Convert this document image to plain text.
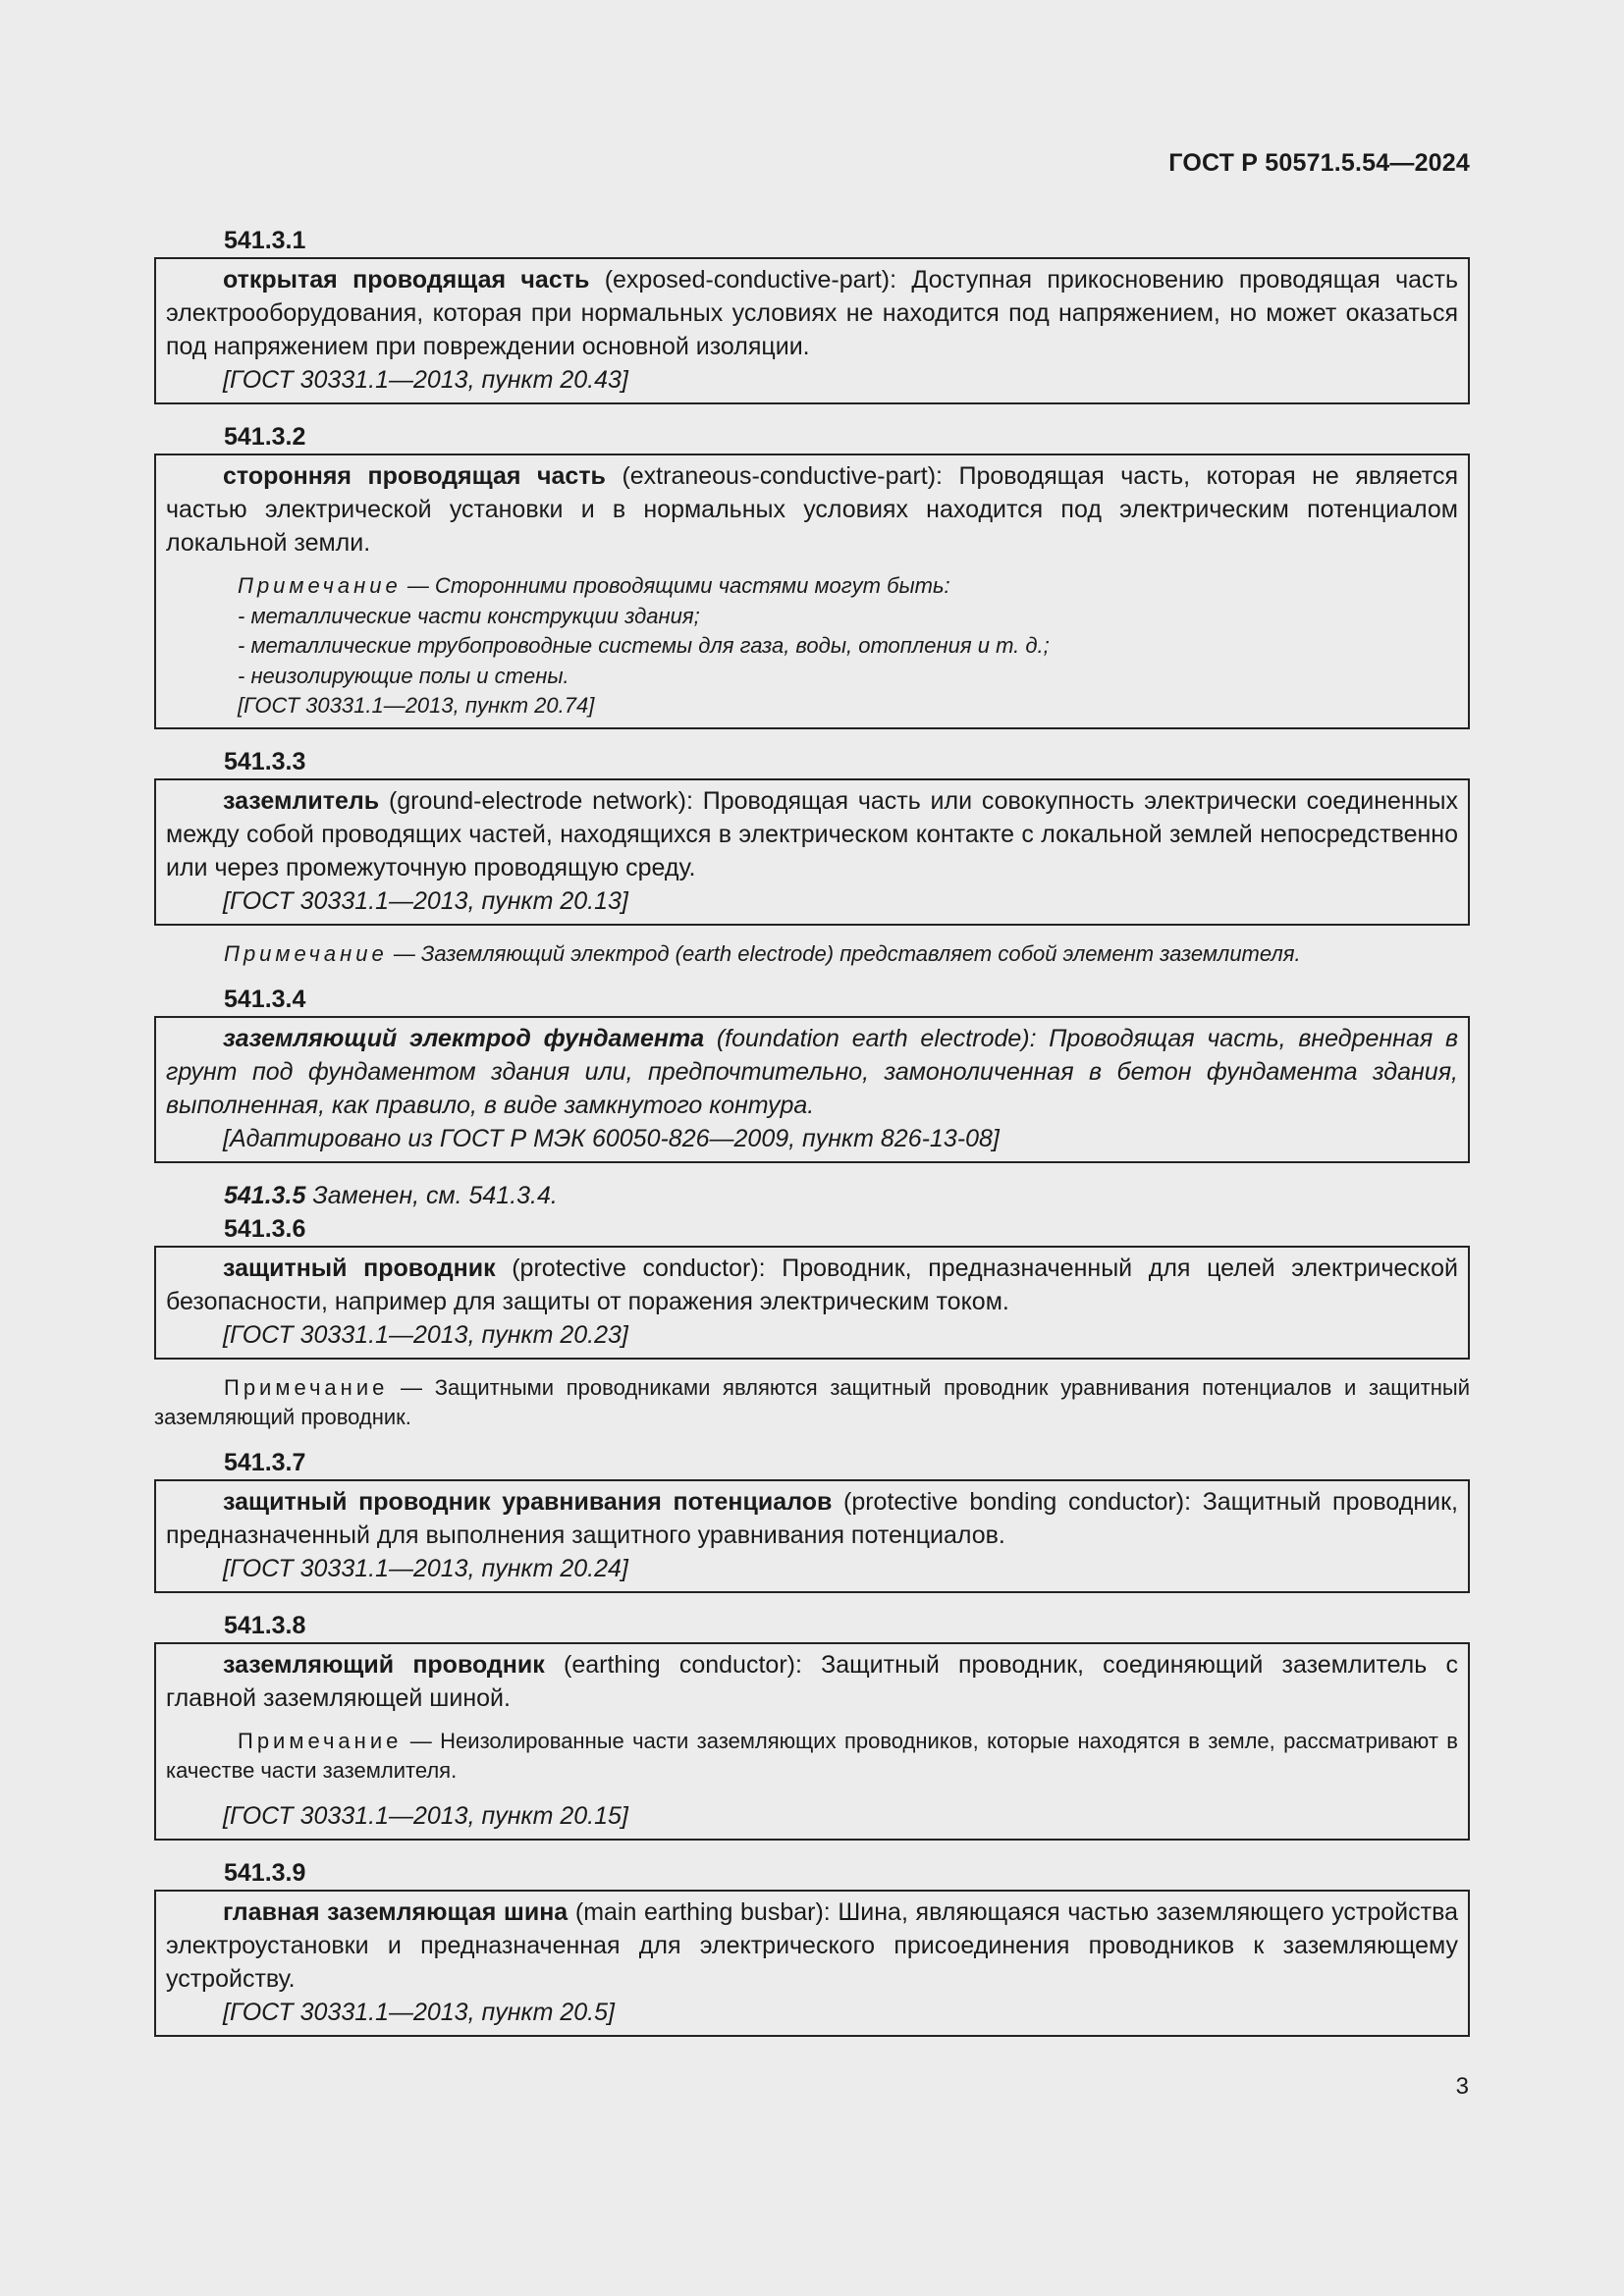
ГОСТ Р 50571.5.54—2024
541.3.1
открытая проводящая часть (exposed-conductive-part): Доступная прикосновению проводящая часть электрооборудования, которая при нормальных условиях не находится под напряжением, но может оказаться под напряжением при повреждении основной изоляции.
[ГОСТ 30331.1—2013, пункт 20.43]
541.3.2
сторонняя проводящая часть (extraneous-conductive-part): Проводящая часть, которая не является частью электрической установки и в нормальных условиях находится под электрическим потенциалом локальной земли.
Примечание — Сторонними проводящими частями могут быть:
- металлические части конструкции здания;
- металлические трубопроводные системы для газа, воды, отопления и т. д.;
- неизолирующие полы и стены.
[ГОСТ 30331.1—2013, пункт 20.74]
541.3.3
заземлитель (ground-electrode network): Проводящая часть или совокупность электрически соединенных между собой проводящих частей, находящихся в электрическом контакте с локальной землей непосредственно или через промежуточную проводящую среду.
[ГОСТ 30331.1—2013, пункт 20.13]
Примечание — Заземляющий электрод (earth electrode) представляет собой элемент заземлителя.
541.3.4
заземляющий электрод фундамента (foundation earth electrode): Проводящая часть, внедренная в грунт под фундаментом здания или, предпочтительно, замоноличенная в бетон фундамента здания, выполненная, как правило, в виде замкнутого контура.
[Адаптировано из ГОСТ Р МЭК 60050-826—2009, пункт 826-13-08]
541.3.5 Заменен, см. 541.3.4.
541.3.6
защитный проводник (protective conductor): Проводник, предназначенный для целей электрической безопасности, например для защиты от поражения электрическим током.
[ГОСТ 30331.1—2013, пункт 20.23]
Примечание — Защитными проводниками являются защитный проводник уравнивания потенциалов и защитный заземляющий проводник.
541.3.7
защитный проводник уравнивания потенциалов (protective bonding conductor): Защитный проводник, предназначенный для выполнения защитного уравнивания потенциалов.
[ГОСТ 30331.1—2013, пункт 20.24]
541.3.8
заземляющий проводник (earthing conductor): Защитный проводник, соединяющий заземлитель с главной заземляющей шиной.
Примечание — Неизолированные части заземляющих проводников, которые находятся в земле, рассматривают в качестве части заземлителя.
[ГОСТ 30331.1—2013, пункт 20.15]
541.3.9
главная заземляющая шина (main earthing busbar): Шина, являющаяся частью заземляющего устройства электроустановки и предназначенная для электрического присоединения проводников к заземляющему устройству.
[ГОСТ 30331.1—2013, пункт 20.5]
3
